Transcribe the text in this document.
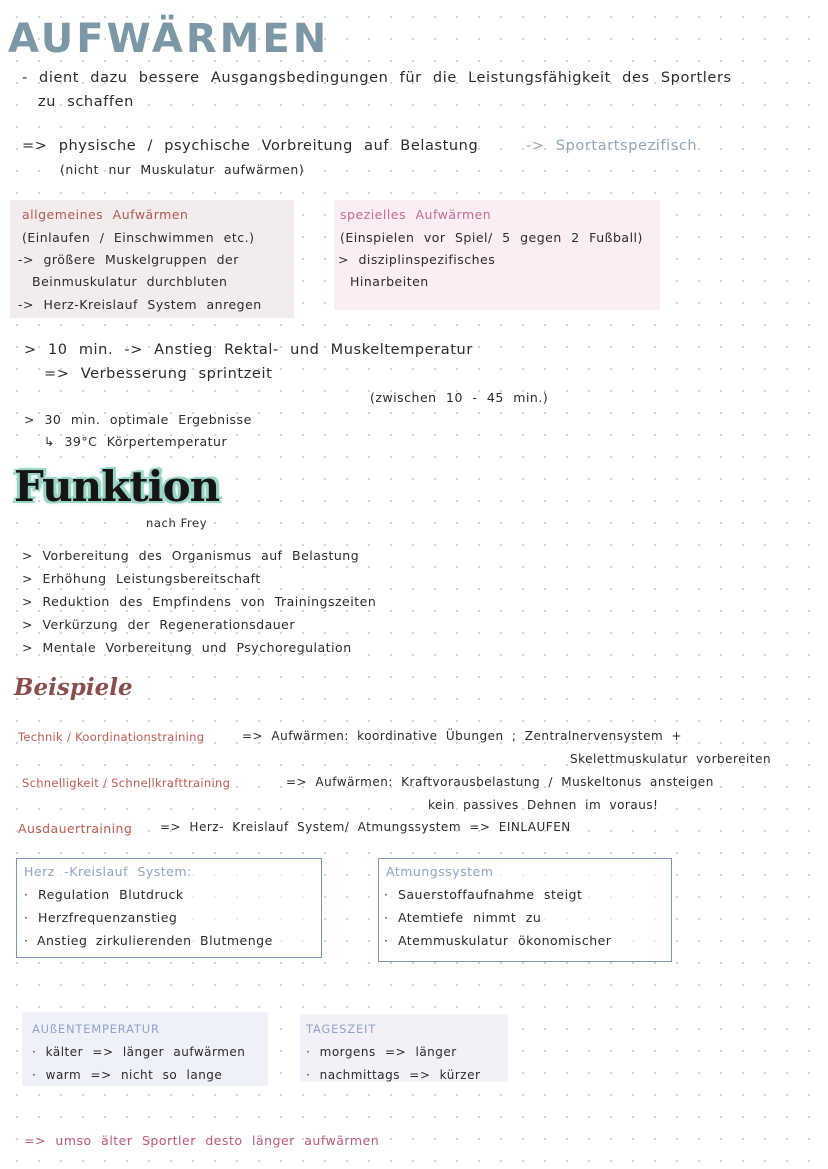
AUFWÄRMEN
- dient dazu bessere Ausgangsbedingungen für die Leistungsfähigkeit des Sportlers
zu schaffen
=> physische / psychische Vorbreitung auf Belastung	-> Sportartspezifisch
(nicht nur Muskulatur aufwärmen)
allgemeines Aufwärmen
(Einlaufen / Einschwimmen etc.)
-> größere Muskelgruppen der
Beinmuskulatur durchbluten
-> Herz-Kreislauf System anregen
spezielles Aufwärmen
(Einspielen vor Spiel/ 5 gegen 2 Fußball)
> disziplinspezifisches
Hinarbeiten
> 10 min. -> Anstieg Rektal- und Muskeltemperatur
=> Verbesserung sprintzeit
(zwischen 10 - 45 min.)
> 30 min. optimale Ergebnisse
↳ 39°C Körpertemperatur
Funktion
nach Frey
> Vorbereitung des Organismus auf Belastung
> Erhöhung Leistungsbereitschaft
> Reduktion des Empfindens von Trainingszeiten
> Verkürzung der Regenerationsdauer
> Mentale Vorbereitung und Psychoregulation
Beispiele
Technik / Koordinationstraining	=> Aufwärmen: koordinative Übungen ; Zentralnervensystem +
Skelettmuskulatur vorbereiten
Schnelligkeit / Schnellkrafttraining	=> Aufwärmen: Kraftvorausbelastung / Muskeltonus ansteigen
kein passives Dehnen im voraus!
Ausdauertraining => Herz- Kreislauf System/ Atmungssystem => EINLAUFEN
Herz -Kreislauf System:
· Regulation Blutdruck
· Herzfrequenzanstieg
· Anstieg zirkulierenden Blutmenge
Atmungssystem
· Sauerstoffaufnahme steigt
· Atemtiefe nimmt zu
· Atemmuskulatur ökonomischer
AUßENTEMPERATUR
· kälter => länger aufwärmen
· warm => nicht so lange
TAGESZEIT
· morgens => länger
· nachmittags => kürzer
=> umso älter Sportler desto länger aufwärmen
